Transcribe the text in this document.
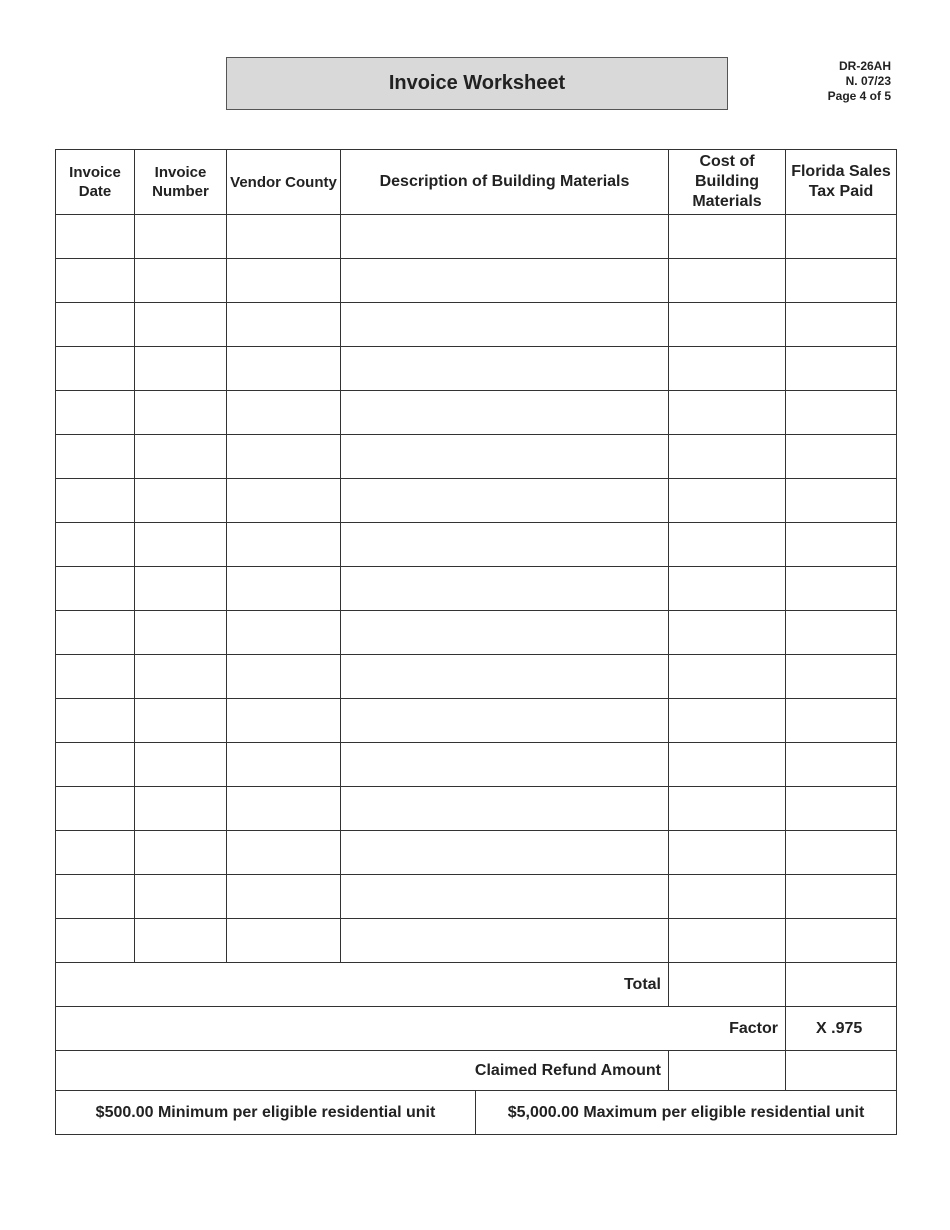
Invoice Worksheet
DR-26AH
N. 07/23
Page 4 of 5
Invoice Date	Invoice Number	Vendor County	Description of Building Materials	Cost of Building Materials	Florida Sales Tax Paid

Total					
Factor					X .975
Claimed Refund Amount					
$500.00 Minimum per eligible residential unit	$5,000.00 Maximum per eligible residential unit
